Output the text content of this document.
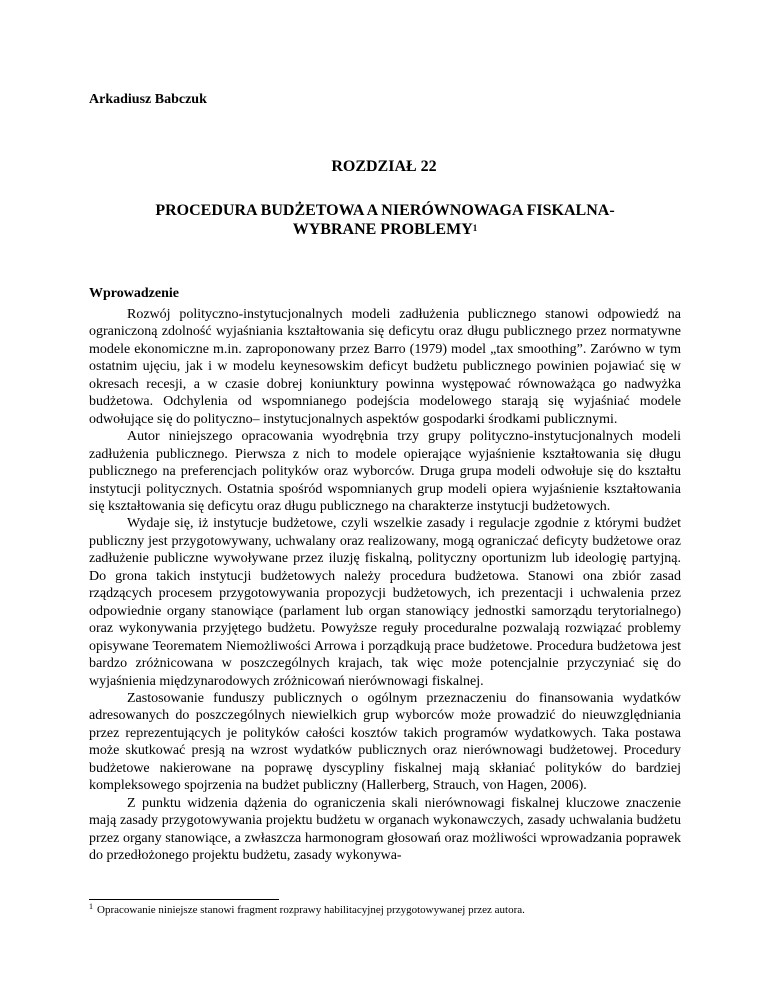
Arkadiusz Babczuk
ROZDZIAŁ 22
PROCEDURA BUDŻETOWA A NIERÓWNOWAGA FISKALNA-
WYBRANE PROBLEMY$^1$
Wprowadzenie

Rozwój polityczno-instytucjonalnych modeli zadłużenia publicznego stanowi odpowiedź na ograniczoną zdolność wyjaśniania kształtowania się deficytu oraz długu publicznego przez normatywne modele ekonomiczne m.in. zaproponowany przez Barro (1979) model „tax smoothing”. Zarówno w tym ostatnim ujęciu, jak i w modelu keynesowskim deficyt budżetu publicznego powinien pojawiać się w okresach recesji, a w czasie dobrej koniunktury powinna występować równoważąca go nadwyżka budżetowa. Odchylenia od wspomnianego podejścia modelowego starają się wyjaśniać modele odwołujące się do polityczno– instytucjonalnych aspektów gospodarki środkami publicznymi.

Autor niniejszego opracowania wyodrębnia trzy grupy polityczno-instytucjonalnych modeli zadłużenia publicznego. Pierwsza z nich to modele opierające wyjaśnienie kształtowania się długu publicznego na preferencjach polityków oraz wyborców. Druga grupa modeli odwołuje się do kształtu instytucji politycznych. Ostatnia spośród wspomnianych grup modeli opiera wyjaśnienie kształtowania się kształtowania się deficytu oraz długu publicznego na charakterze instytucji budżetowych.

Wydaje się, iż instytucje budżetowe, czyli wszelkie zasady i regulacje zgodnie z którymi budżet publiczny jest przygotowywany, uchwalany oraz realizowany, mogą ograniczać deficyty budżetowe oraz zadłużenie publiczne wywoływane przez iluzję fiskalną, polityczny oportunizm lub ideologię partyjną. Do grona takich instytucji budżetowych należy procedura budżetowa. Stanowi ona zbiór zasad rządzących procesem przygotowywania propozycji budżetowych, ich prezentacji i uchwalenia przez odpowiednie organy stanowiące (parlament lub organ stanowiący jednostki samorządu terytorialnego) oraz wykonywania przyjętego budżetu. Powyższe reguły proceduralne pozwalają rozwiązać problemy opisywane Teorematem Niemożliwości Arrowa i porządkują prace budżetowe. Procedura budżetowa jest bardzo zróżnicowana w poszczególnych krajach, tak więc może potencjalnie przyczyniać się do wyjaśnienia międzynarodowych zróżnicowań nierównowagi fiskalnej.

Zastosowanie funduszy publicznych o ogólnym przeznaczeniu do finansowania wydatków adresowanych do poszczególnych niewielkich grup wyborców może prowadzić do nieuwzględniania przez reprezentujących je polityków całości kosztów takich programów wydatkowych. Taka postawa może skutkować presją na wzrost wydatków publicznych oraz nierównowagi budżetowej. Procedury budżetowe nakierowane na poprawę dyscypliny fiskalnej mają skłaniać polityków do bardziej kompleksowego spojrzenia na budżet publiczny (Hallerberg, Strauch, von Hagen, 2006).

Z punktu widzenia dążenia do ograniczenia skali nierównowagi fiskalnej kluczowe znaczenie mają zasady przygotowywania projektu budżetu w organach wykonawczych, zasady uchwalania budżetu przez organy stanowiące, a zwłaszcza harmonogram głosowań oraz możliwości wprowadzania poprawek do przedłożonego projektu budżetu, zasady wykonywa-

$^1$ Opracowanie niniejsze stanowi fragment rozprawy habilitacyjnej przygotowywanej przez autora.
